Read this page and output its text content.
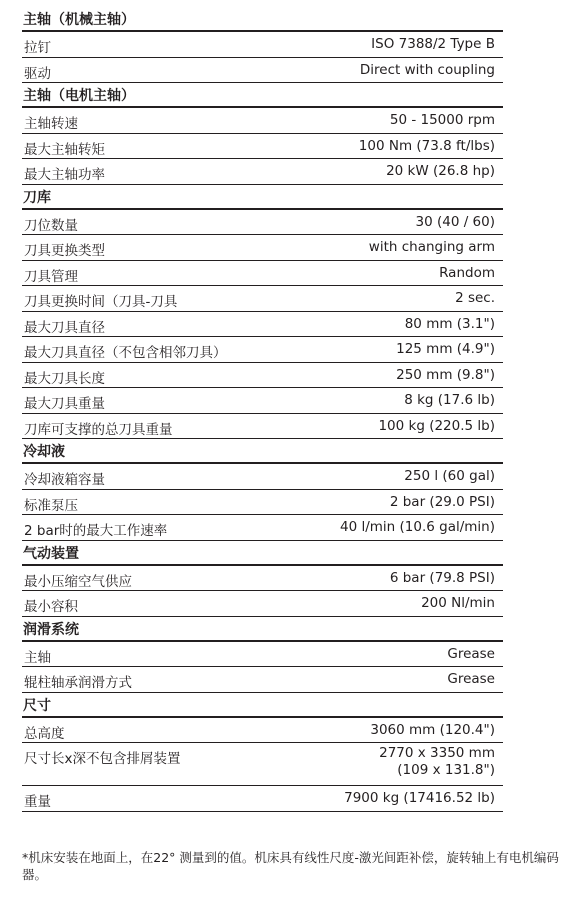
主轴（机械主轴）
拉钉	ISO 7388/2 Type B
驱动	Direct with coupling
主轴（电机主轴）
主轴转速	50 - 15000 rpm
最大主轴转矩	100 Nm (73.8 ft/lbs)
最大主轴功率	20 kW (26.8 hp)
刀库
刀位数量	30 (40 / 60)
刀具更换类型	with changing arm
刀具管理	Random
刀具更换时间（刀具-刀具	2 sec.
最大刀具直径	80 mm (3.1")
最大刀具直径（不包含相邻刀具）	125 mm (4.9")
最大刀具长度	250 mm (9.8")
最大刀具重量	8 kg (17.6 lb)
刀库可支撑的总刀具重量	100 kg (220.5 lb)
冷却液
冷却液箱容量	250 l (60 gal)
标准泵压	2 bar (29.0 PSI)
2 bar时的最大工作速率	40 l/min (10.6 gal/min)
气动装置
最小压缩空气供应	6 bar (79.8 PSI)
最小容积	200 Nl/min
润滑系统
主轴	Grease
辊柱轴承润滑方式	Grease
尺寸
总高度	3060 mm (120.4")
尺寸长x深不包含排屑装置	2770 x 3350 mm
(109 x 131.8")
重量	7900 kg (17416.52 lb)
*机床安装在地面上，在22° 测量到的值。机床具有线性尺度-激光间距补偿，旋转轴上有电机编码器。
